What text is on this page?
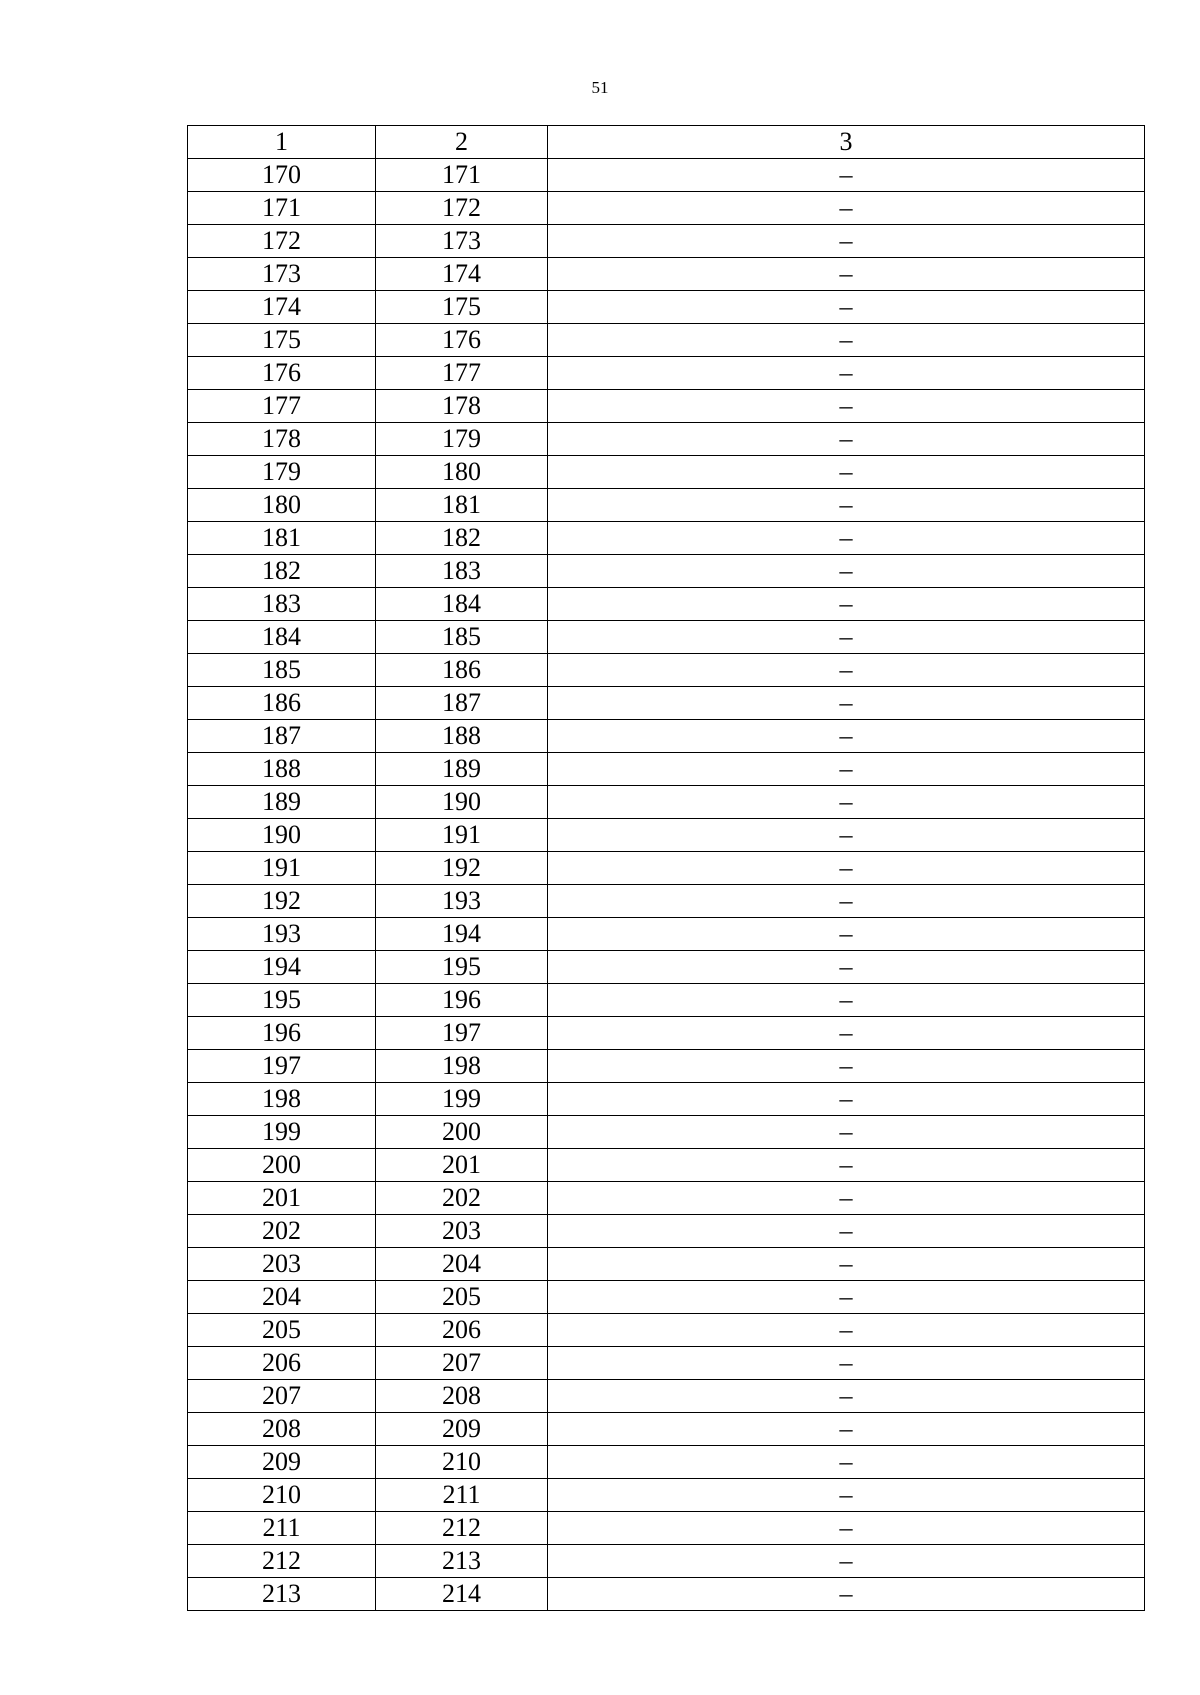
51
1	2	3
170	171	–
171	172	–
172	173	–
173	174	–
174	175	–
175	176	–
176	177	–
177	178	–
178	179	–
179	180	–
180	181	–
181	182	–
182	183	–
183	184	–
184	185	–
185	186	–
186	187	–
187	188	–
188	189	–
189	190	–
190	191	–
191	192	–
192	193	–
193	194	–
194	195	–
195	196	–
196	197	–
197	198	–
198	199	–
199	200	–
200	201	–
201	202	–
202	203	–
203	204	–
204	205	–
205	206	–
206	207	–
207	208	–
208	209	–
209	210	–
210	211	–
211	212	–
212	213	–
213	214	–
